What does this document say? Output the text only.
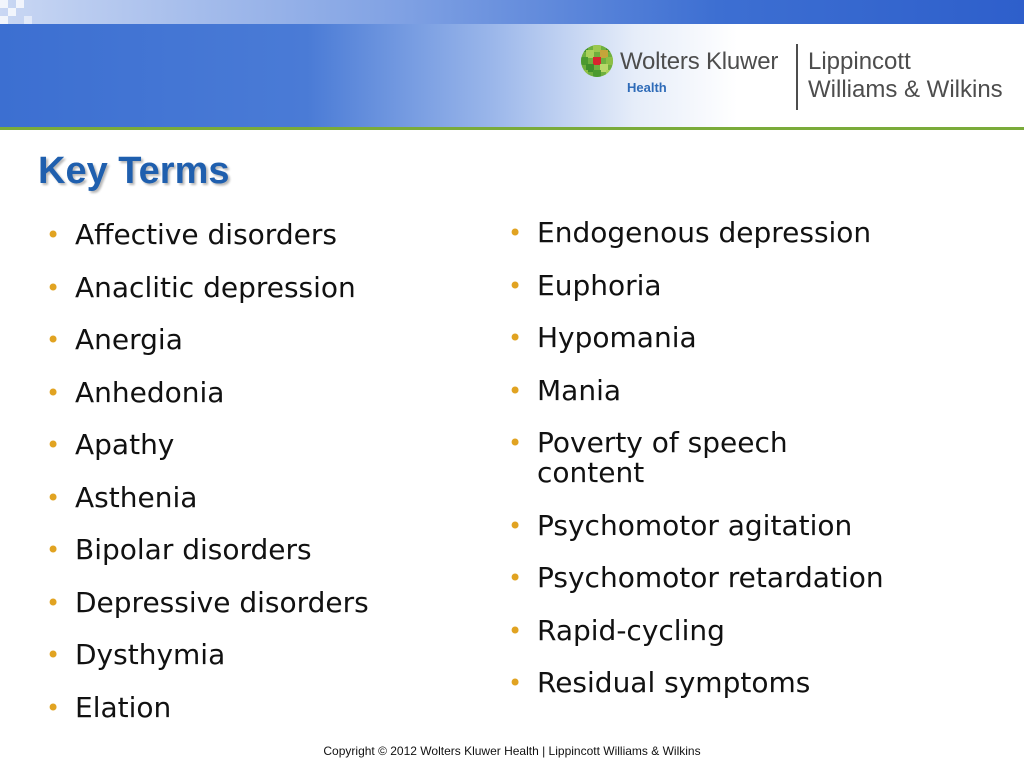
Wolters Kluwer
Health
Lippincott
Williams & Wilkins
Key Terms
• Affective disorders
• Anaclitic depression
• Anergia
• Anhedonia
• Apathy
• Asthenia
• Bipolar disorders
• Depressive disorders
• Dysthymia
• Elation
• Endogenous depression
• Euphoria
• Hypomania
• Mania
• Poverty of speech content
• Psychomotor agitation
• Psychomotor retardation
• Rapid-cycling
• Residual symptoms
Copyright © 2012 Wolters Kluwer Health | Lippincott Williams & Wilkins
